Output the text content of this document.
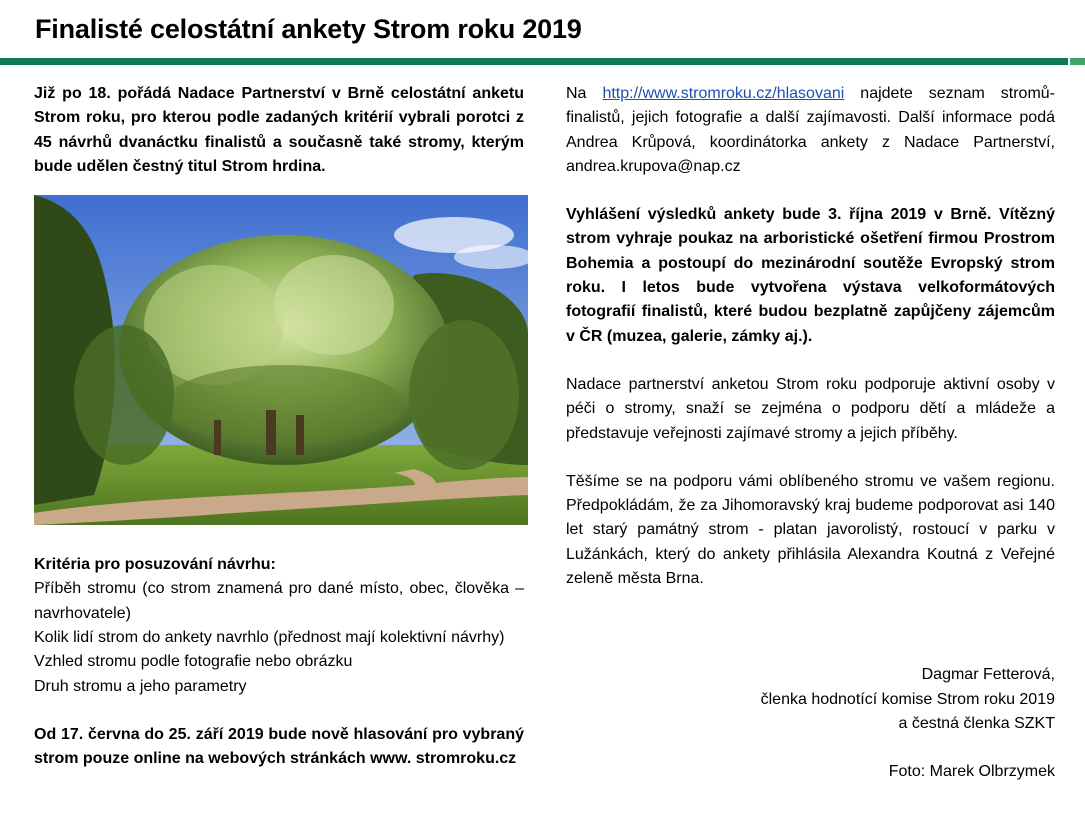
Finalisté celostátní ankety Strom roku 2019

Již po 18. pořádá Nadace Partnerství v Brně celostátní anketu Strom roku, pro kterou podle zadaných kritérií vybrali porotci z 45 návrhů dvanáctku finalistů a současně také stromy, kterým bude udělen čestný titul Strom hrdina.

Kritéria pro posuzování návrhu:
Příběh stromu (co strom znamená pro dané místo, obec, člověka – navrhovatele)
Kolik lidí strom do ankety navrhlo (přednost mají kolektivní návrhy)
Vzhled stromu podle fotografie nebo obrázku
Druh stromu a jeho parametry

Od 17. června do 25. září 2019 bude nově hlasování pro vybraný strom pouze online na webových stránkách www. stromroku.cz

Na http://www.stromroku.cz/hlasovani najdete seznam stromů-finalistů, jejich fotografie a další zajímavosti. Další informace podá Andrea Krůpová, koordinátorka ankety z Nadace Partnerství, andrea.krupova@nap.cz

Vyhlášení výsledků ankety bude 3. října 2019 v Brně. Vítězný strom vyhraje poukaz na arboristické ošetření firmou Prostrom Bohemia a postoupí do mezinárodní soutěže Evropský strom roku. I letos bude vytvořena výstava velkoformátových fotografií finalistů, které budou bezplatně zapůjčeny zájemcům v ČR (muzea, galerie, zámky aj.).

Nadace partnerství anketou Strom roku podporuje aktivní osoby v péči o stromy, snaží se zejména o podporu dětí a mládeže a představuje veřejnosti zajímavé stromy a jejich příběhy.

Těšíme se na podporu vámi oblíbeného stromu ve vašem regionu. Předpokládám, že za Jihomoravský kraj budeme podporovat asi 140 let starý památný strom - platan javorolistý, rostoucí v parku v Lužánkách, který do ankety přihlásila Alexandra Koutná z Veřejné zeleně města Brna.

Dagmar Fetterová,
členka hodnotící komise Strom roku 2019
a čestná členka SZKT
Foto: Marek Olbrzymek
